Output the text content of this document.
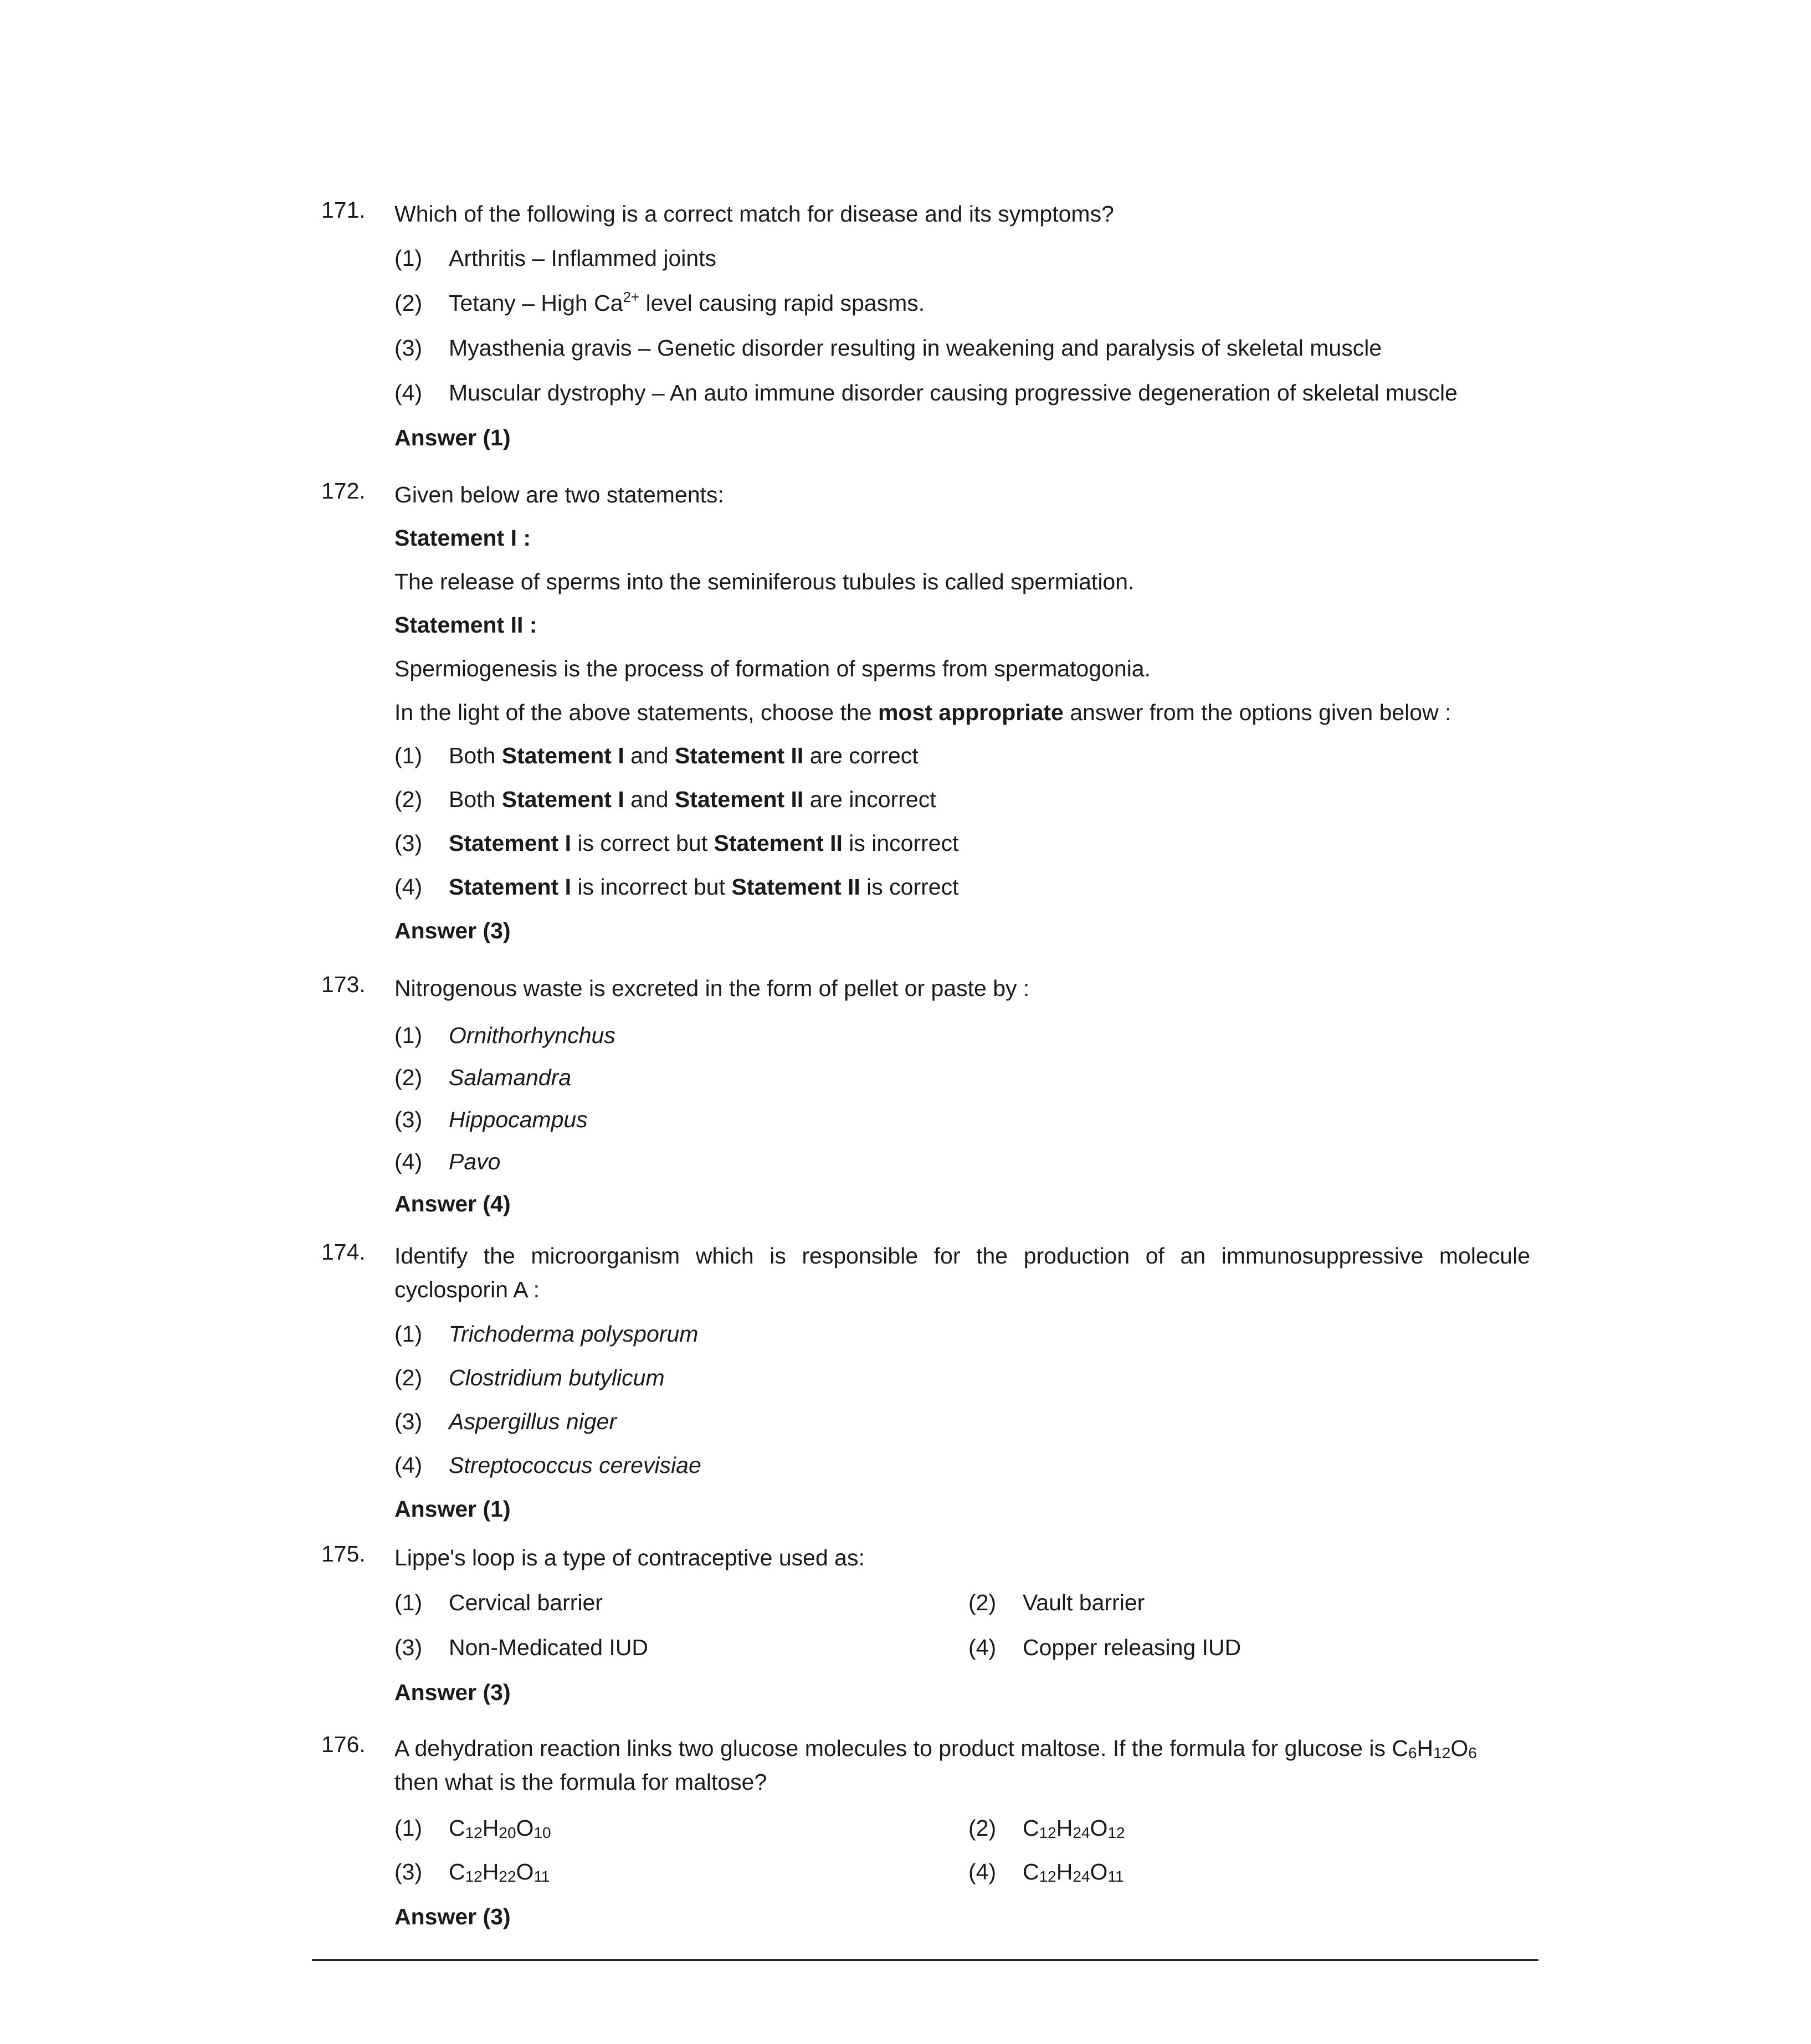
171. Which of the following is a correct match for disease and its symptoms?
(1) Arthritis – Inflammed joints
(2) Tetany – High $Ca^{2+}$ level causing rapid spasms.
(3) Myasthenia gravis – Genetic disorder resulting in weakening and paralysis of skeletal muscle
(4) Muscular dystrophy – An auto immune disorder causing progressive degeneration of skeletal muscle
Answer (1)
172. Given below are two statements:
Statement I :
The release of sperms into the seminiferous tubules is called spermiation.
Statement II :
Spermiogenesis is the process of formation of sperms from spermatogonia.
In the light of the above statements, choose the most appropriate answer from the options given below :
(1) Both Statement I and Statement II are correct
(2) Both Statement I and Statement II are incorrect
(3) Statement I is correct but Statement II is incorrect
(4) Statement I is incorrect but Statement II is correct
Answer (3)
173. Nitrogenous waste is excreted in the form of pellet or paste by :
(1) Ornithorhynchus
(2) Salamandra
(3) Hippocampus
(4) Pavo
Answer (4)
174. Identify the microorganism which is responsible for the production of an immunosuppressive molecule
cyclosporin A :
(1) Trichoderma polysporum
(2) Clostridium butylicum
(3) Aspergillus niger
(4) Streptococcus cerevisiae
Answer (1)
175. Lippe's loop is a type of contraceptive used as:
(1) Cervical barrier	(2) Vault barrier
(3) Non-Medicated IUD	(4) Copper releasing IUD
Answer (3)
176. A dehydration reaction links two glucose molecules to product maltose. If the formula for glucose is $C_6H_{12}O_6$
then what is the formula for maltose?
(1) $C_{12}H_{20}O_{10}$	(2) $C_{12}H_{24}O_{12}$
(3) $C_{12}H_{22}O_{11}$	(4) $C_{12}H_{24}O_{11}$
Answer (3)
